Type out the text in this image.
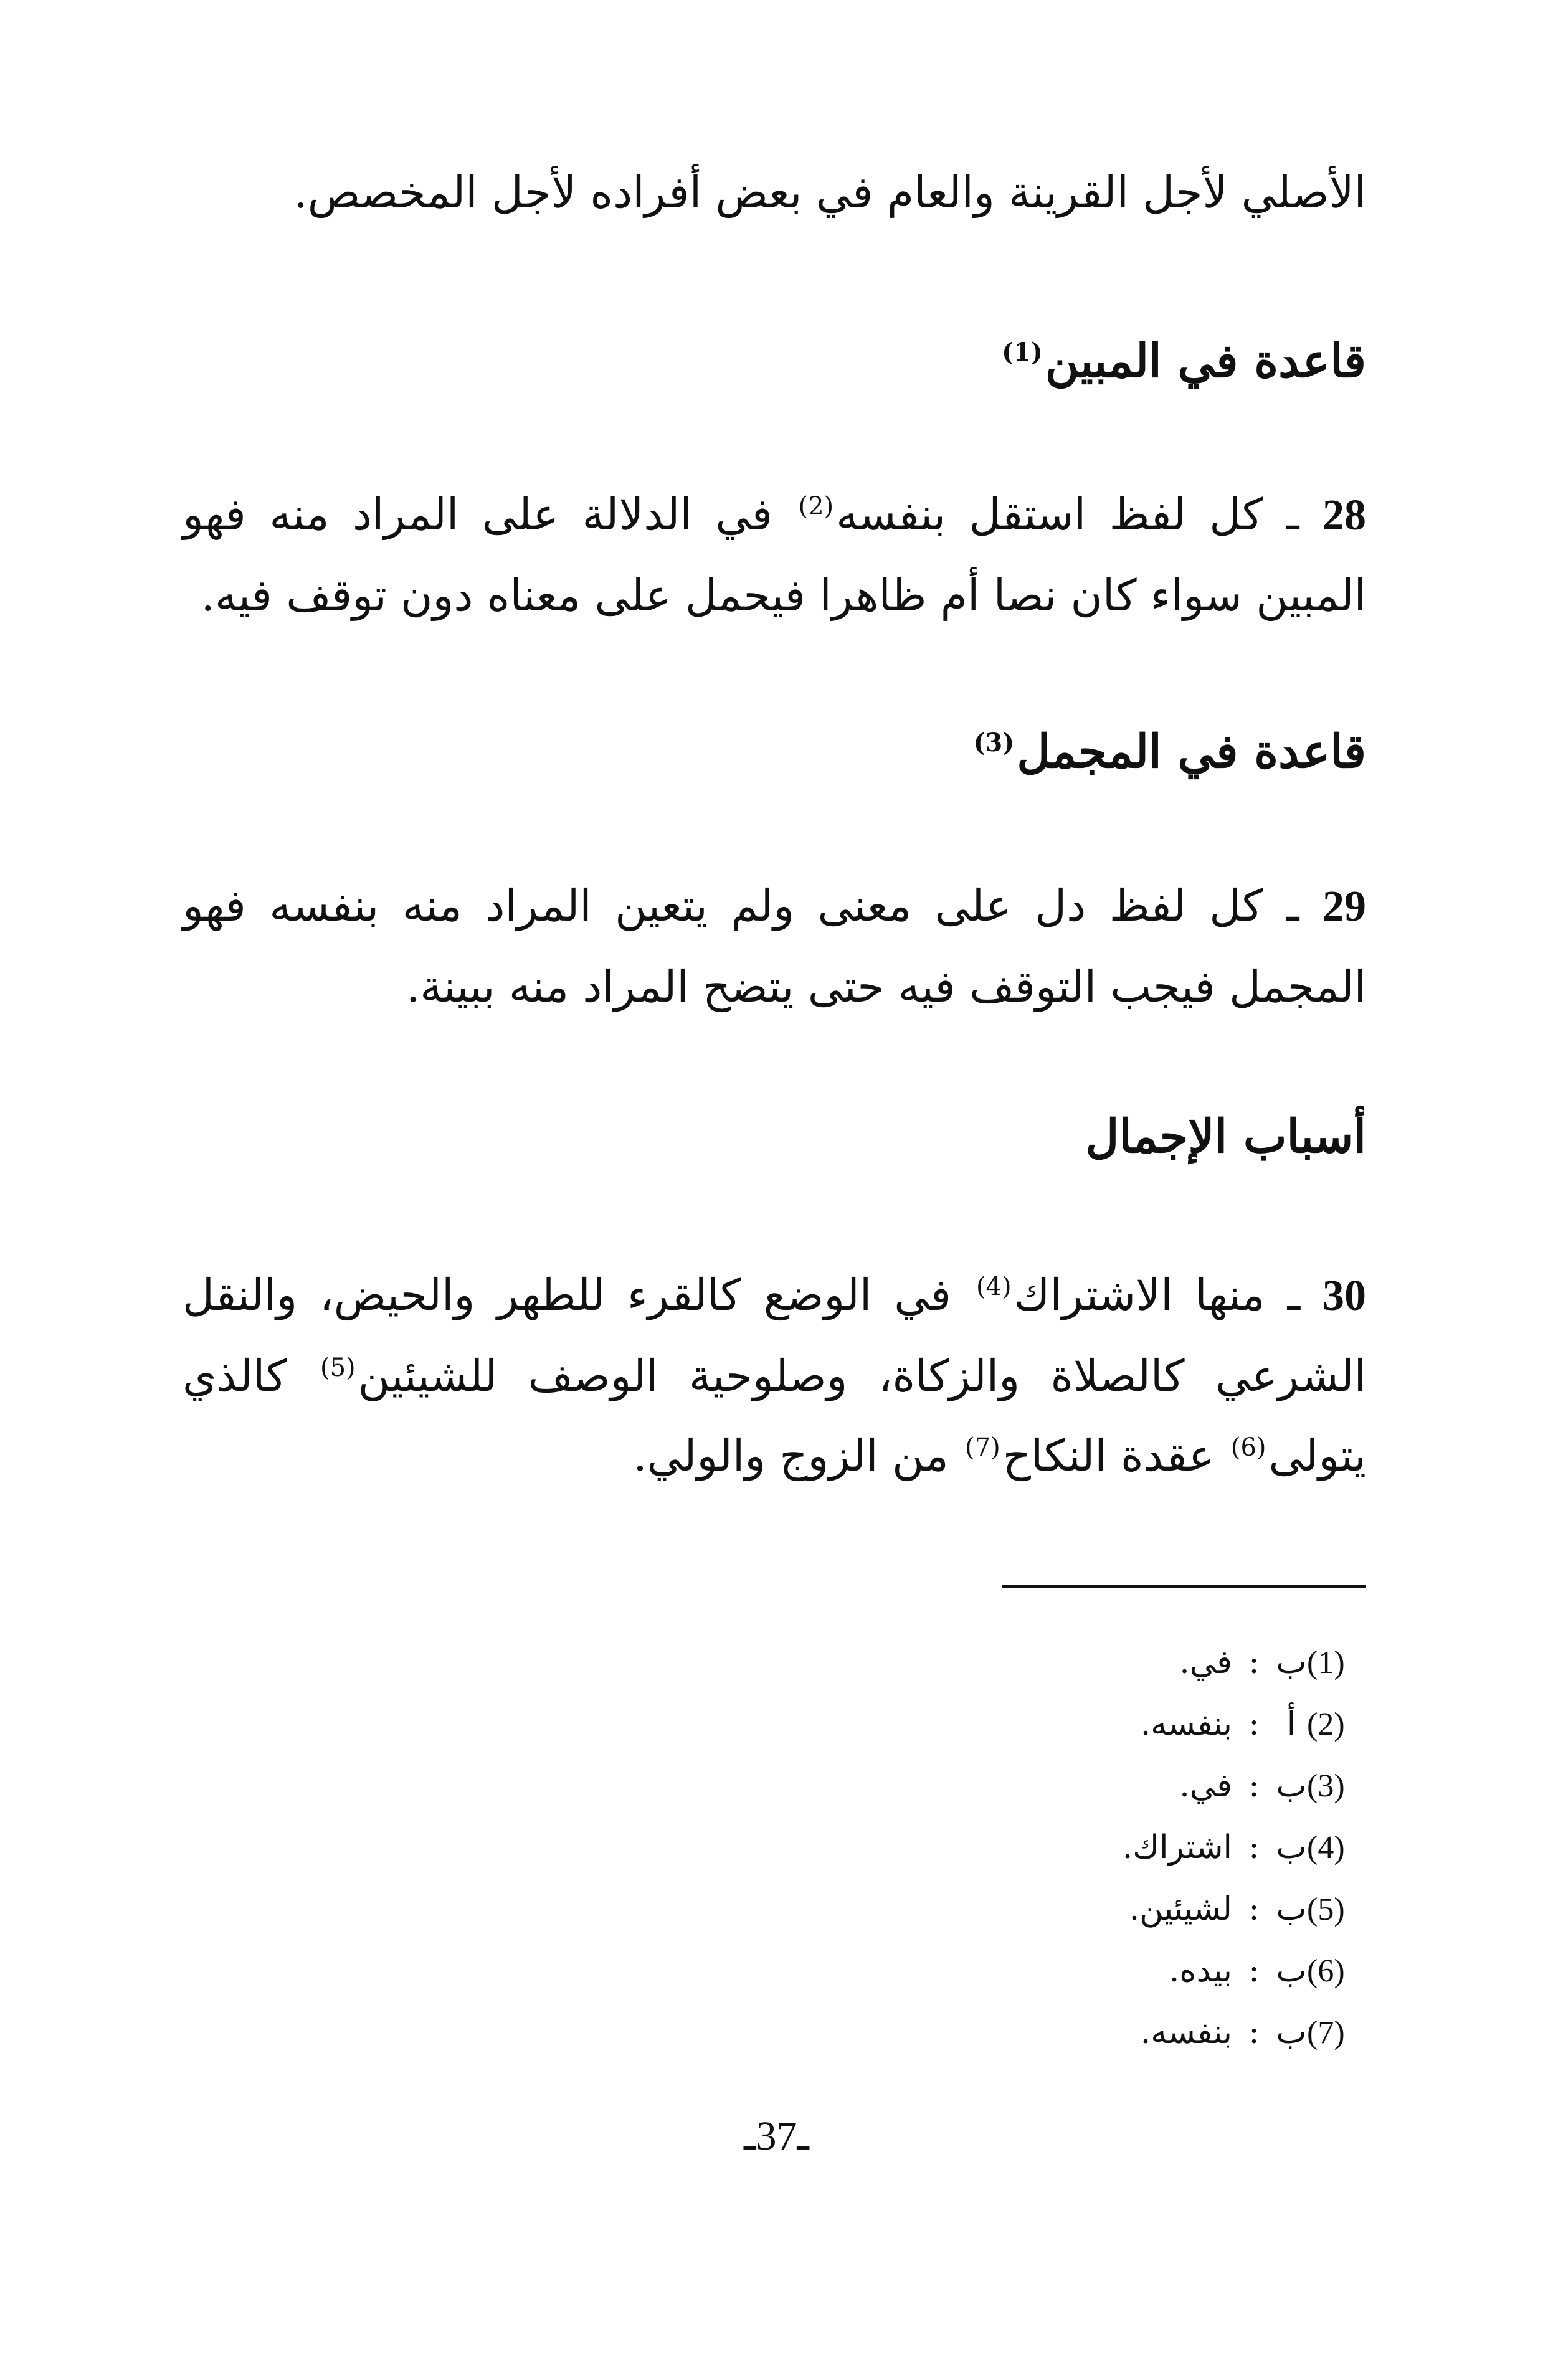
الأصلي لأجل القرينة والعام في بعض أفراده لأجل المخصص.

قاعدة في المبين$^{(1)}$

28 ـ كل لفظ استقل بنفسه$^{(2)}$ في الدلالة على المراد منه فهو المبين سواء كان نصا أم ظاهرا فيحمل على معناه دون توقف فيه.

قاعدة في المجمل$^{(3)}$

29 ـ كل لفظ دل على معنى ولم يتعين المراد منه بنفسه فهو المجمل فيجب التوقف فيه حتى يتضح المراد منه ببينة.

أسباب الإجمال

30 ـ منها الاشتراك$^{(4)}$ في الوضع كالقرء للطهر والحيض، والنقل الشرعي كالصلاة والزكاة، وصلوحية الوصف للشيئين$^{(5)}$ كالذي يتولى$^{(6)}$ عقدة النكاح$^{(7)}$ من الزوج والولي.

(1)ب:في.
(2)أ:بنفسه.
(3)ب:في.
(4)ب:اشتراك.
(5)ب:لشيئين.
(6)ب:بيده.
(7)ب:بنفسه.
ـ37ـ
